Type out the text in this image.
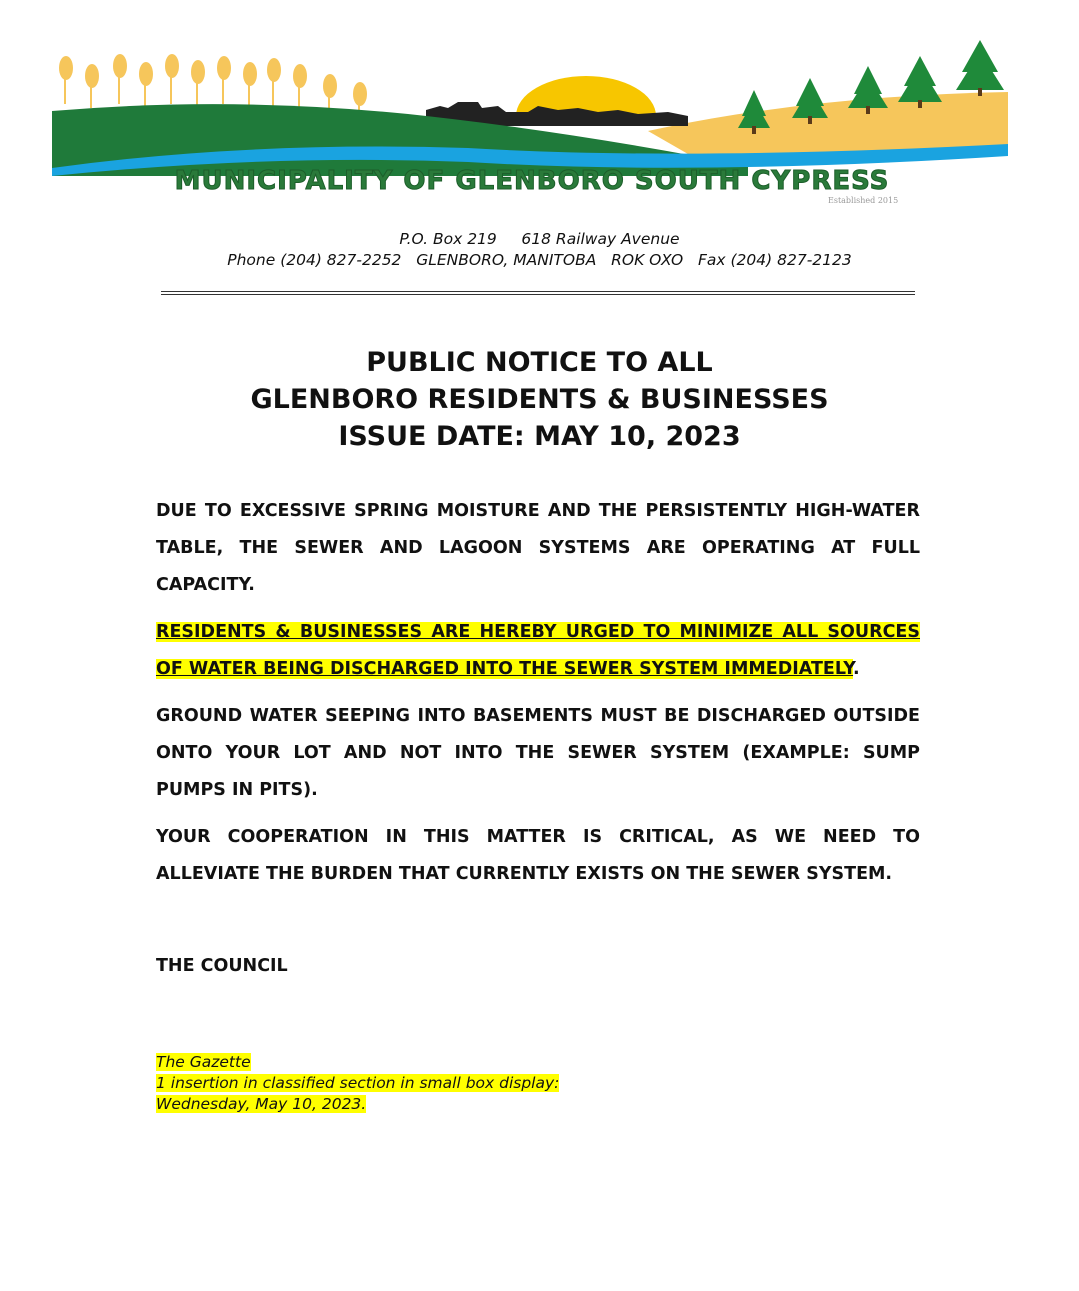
MUNICIPALITY OF GLENBORO SOUTH CYPRESS
Established 2015
P.O. Box 219     618 Railway Avenue
Phone (204) 827-2252   GLENBORO, MANITOBA   ROK OXO   Fax (204) 827-2123
PUBLIC NOTICE TO ALL
GLENBORO RESIDENTS & BUSINESSES
ISSUE DATE: MAY 10, 2023

DUE TO EXCESSIVE SPRING MOISTURE AND THE PERSISTENTLY HIGH-WATER TABLE, THE SEWER AND LAGOON SYSTEMS ARE OPERATING AT FULL CAPACITY.

RESIDENTS & BUSINESSES ARE HEREBY URGED TO MINIMIZE ALL SOURCES OF WATER BEING DISCHARGED INTO THE SEWER SYSTEM IMMEDIATELY.

GROUND WATER SEEPING INTO BASEMENTS MUST BE DISCHARGED OUTSIDE ONTO YOUR LOT AND NOT INTO THE SEWER SYSTEM (EXAMPLE: SUMP PUMPS IN PITS).

YOUR COOPERATION IN THIS MATTER IS CRITICAL, AS WE NEED TO ALLEVIATE THE BURDEN THAT CURRENTLY EXISTS ON THE SEWER SYSTEM.

THE COUNCIL
The Gazette
1 insertion in classified section in small box display:
Wednesday, May 10, 2023.
